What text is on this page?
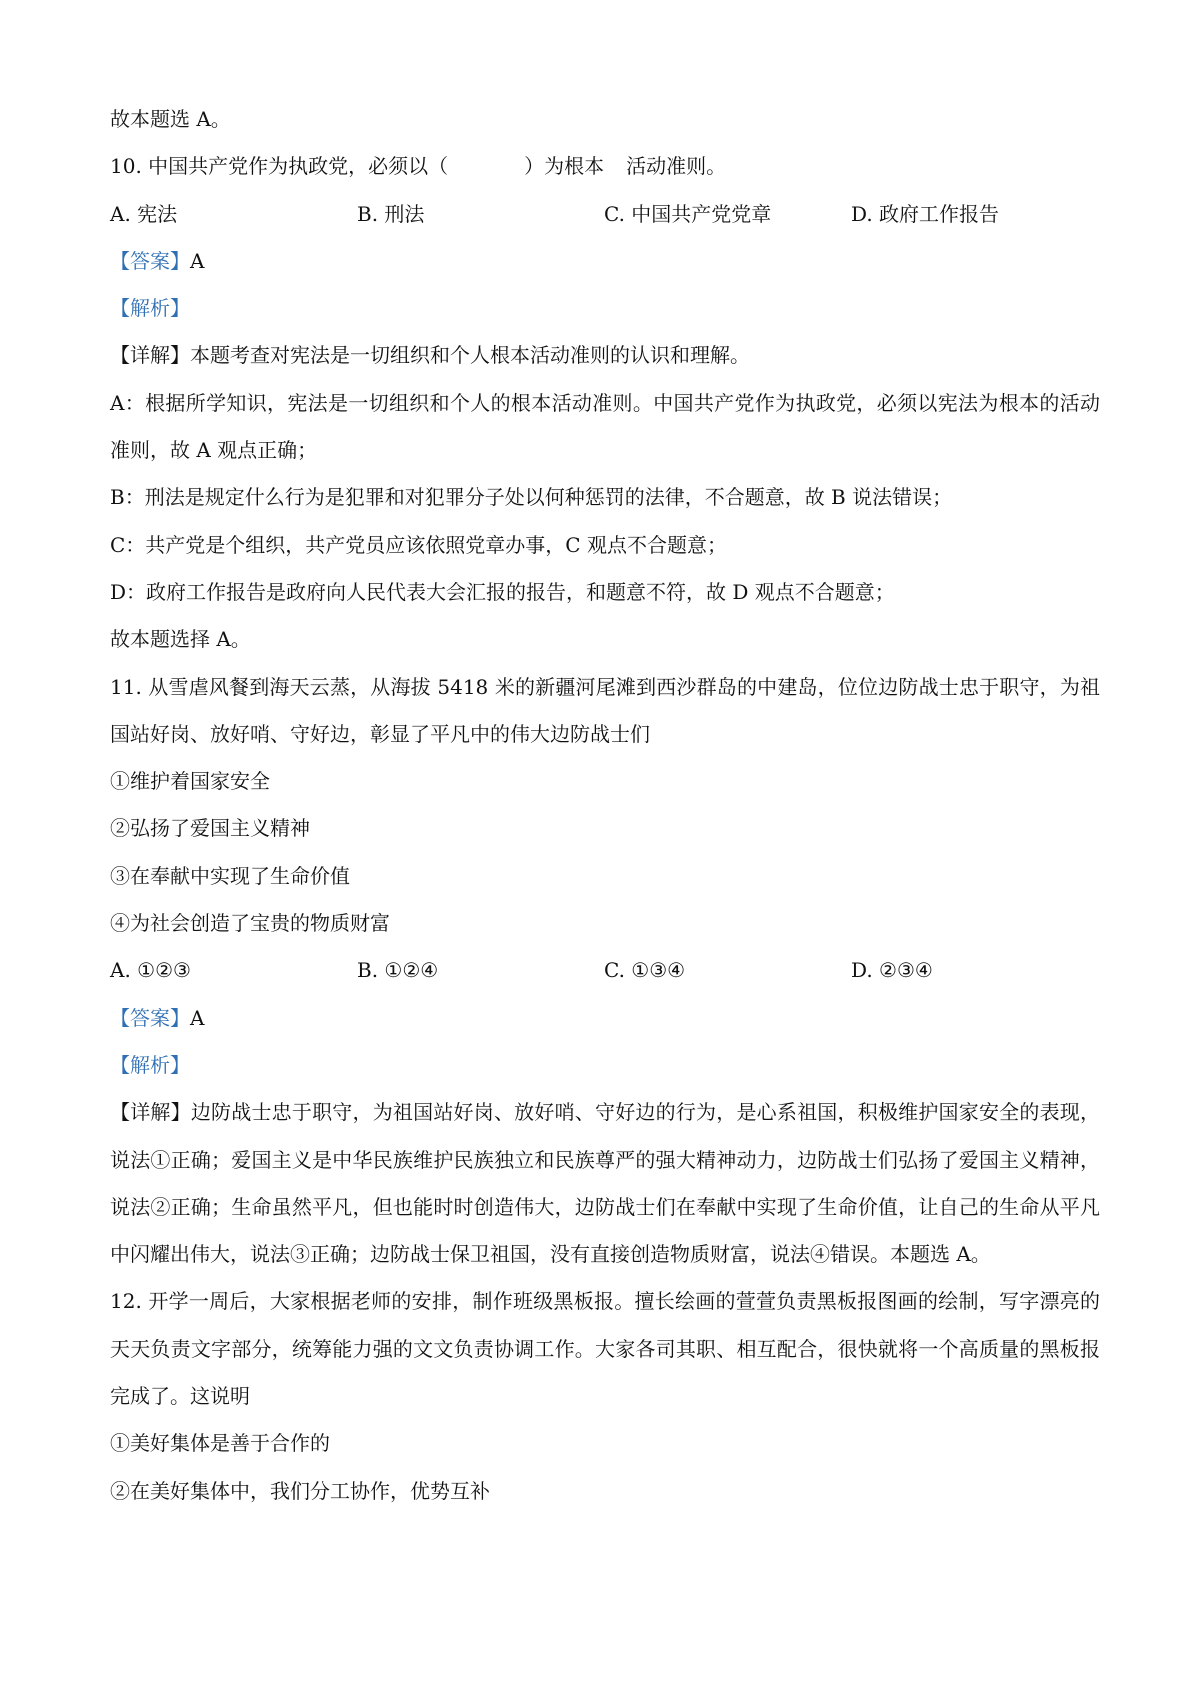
故本题选 A。
10. 中国共产党作为执政党，必须以（	）为根本 活动准则。
A. 宪法	B. 刑法	C. 中国共产党党章	D. 政府工作报告
【答案】A
【解析】
【详解】本题考查对宪法是一切组织和个人根本活动准则的认识和理解。
A：根据所学知识，宪法是一切组织和个人的根本活动准则。中国共产党作为执政党，必须以宪法为根本的活动准则，故 A 观点正确；
B：刑法是规定什么行为是犯罪和对犯罪分子处以何种惩罚的法律，不合题意，故 B 说法错误；
C：共产党是个组织，共产党员应该依照党章办事，C 观点不合题意；
D：政府工作报告是政府向人民代表大会汇报的报告，和题意不符，故 D 观点不合题意；
故本题选择 A。
11. 从雪虐风餐到海天云蒸，从海拔 5418 米的新疆河尾滩到西沙群岛的中建岛，位位边防战士忠于职守，为祖国站好岗、放好哨、守好边，彰显了平凡中的伟大边防战士们
①维护着国家安全
②弘扬了爱国主义精神
③在奉献中实现了生命价值
④为社会创造了宝贵的物质财富
A. ①②③	B. ①②④	C. ①③④	D. ②③④
【答案】A
【解析】
【详解】边防战士忠于职守，为祖国站好岗、放好哨、守好边的行为，是心系祖国，积极维护国家安全的表现，说法①正确；爱国主义是中华民族维护民族独立和民族尊严的强大精神动力，边防战士们弘扬了爱国主义精神，说法②正确；生命虽然平凡，但也能时时创造伟大，边防战士们在奉献中实现了生命价值，让自己的生命从平凡中闪耀出伟大，说法③正确；边防战士保卫祖国，没有直接创造物质财富，说法④错误。本题选 A。
12. 开学一周后，大家根据老师的安排，制作班级黑板报。擅长绘画的萱萱负责黑板报图画的绘制，写字漂亮的天天负责文字部分，统筹能力强的文文负责协调工作。大家各司其职、相互配合，很快就将一个高质量的黑板报完成了。这说明
①美好集体是善于合作的
②在美好集体中，我们分工协作，优势互补
